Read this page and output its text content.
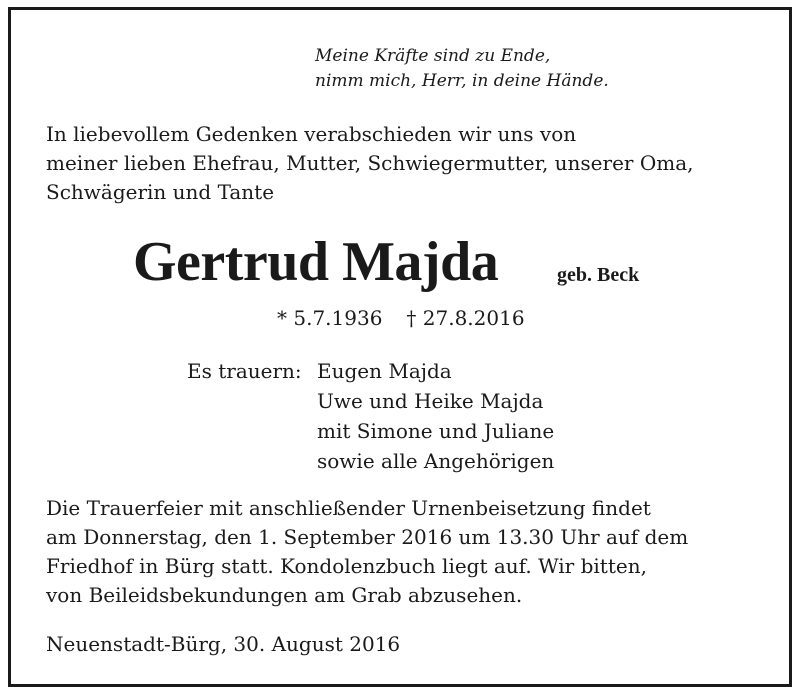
Meine Kräfte sind zu Ende,
nimm mich, Herr, in deine Hände.
In liebevollem Gedenken verabschieden wir uns von
meiner lieben Ehefrau, Mutter, Schwiegermutter, unserer Oma,
Schwägerin und Tante
Gertrud Majda	geb. Beck
* 5.7.1936 † 27.8.2016
Es trauern: Eugen Majda
Uwe und Heike Majda
mit Simone und Juliane
sowie alle Angehörigen
Die Trauerfeier mit anschließender Urnenbeisetzung findet
am Donnerstag, den 1. September 2016 um 13.30 Uhr auf dem
Friedhof in Bürg statt. Kondolenzbuch liegt auf. Wir bitten,
von Beileidsbekundungen am Grab abzusehen.
Neuenstadt-Bürg, 30. August 2016
